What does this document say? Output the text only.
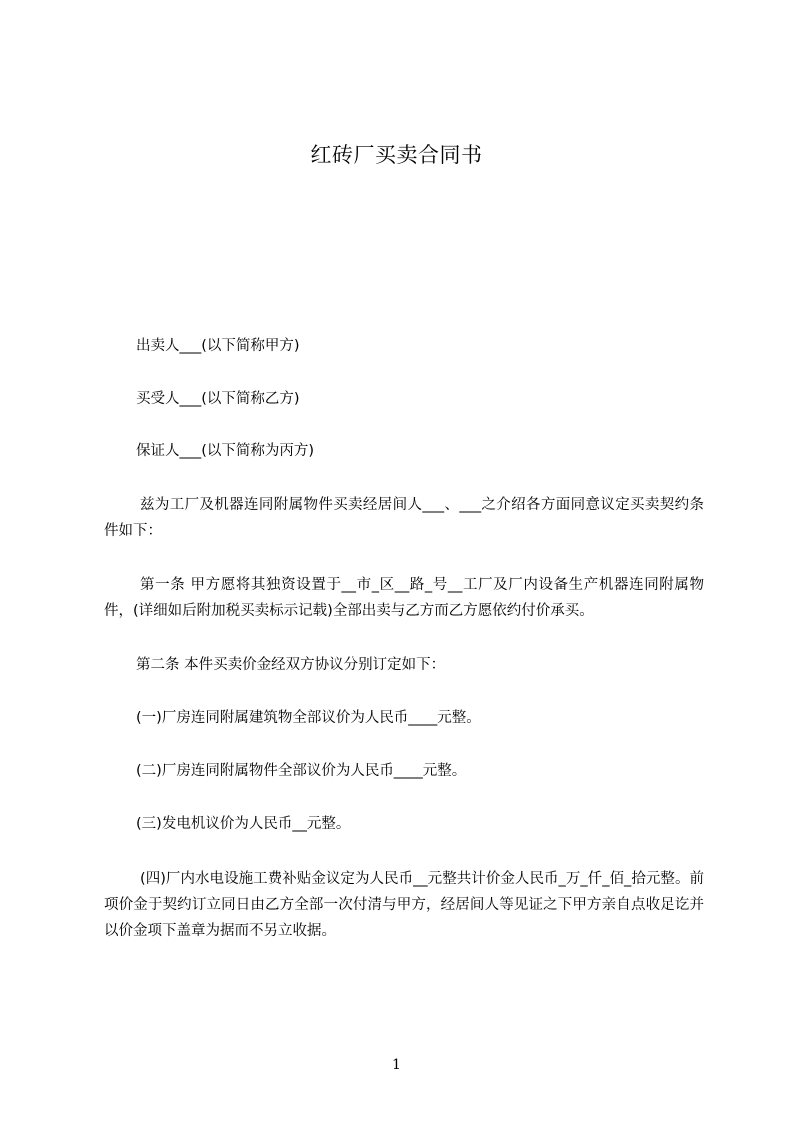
红砖厂买卖合同书
出卖人___(以下简称甲方)
买受人___(以下简称乙方)
保证人___(以下简称为丙方)
兹为工厂及机器连同附属物件买卖经居间人___、___之介绍各方面同意议定买卖契约条件如下：
第一条 甲方愿将其独资设置于__市_区__路_号__工厂及厂内设备生产机器连同附属物件，(详细如后附加税买卖标示记载)全部出卖与乙方而乙方愿依约付价承买。
第二条 本件买卖价金经双方协议分别订定如下：
(一)厂房连同附属建筑物全部议价为人民币____元整。
(二)厂房连同附属物件全部议价为人民币____元整。
(三)发电机议价为人民币__元整。
(四)厂内水电设施工费补贴金议定为人民币__元整共计价金人民币_万_仟_佰_拾元整。前项价金于契约订立同日由乙方全部一次付清与甲方，经居间人等见证之下甲方亲自点收足讫并以价金项下盖章为据而不另立收据。
1
